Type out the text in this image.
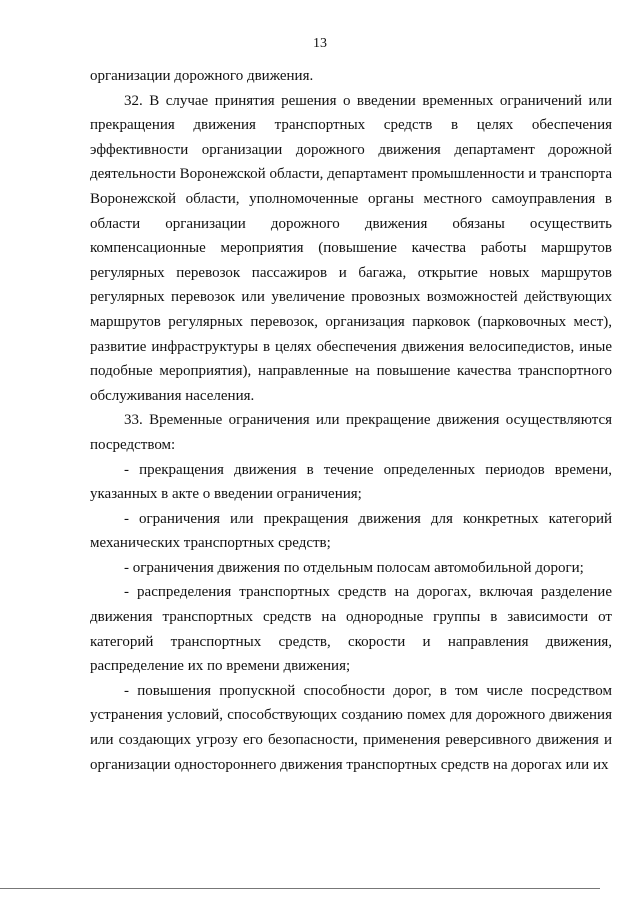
13

организации дорожного движения.

32. В случае принятия решения о введении временных ограничений или прекращения движения транспортных средств в целях обеспечения эффективности организации дорожного движения департамент дорожной деятельности Воронежской области, департамент промышленности и транспорта Воронежской области, уполномоченные органы местного самоуправления в области организации дорожного движения обязаны осуществить компенсационные мероприятия (повышение качества работы маршрутов регулярных перевозок пассажиров и багажа, открытие новых маршрутов регулярных перевозок или увеличение провозных возможностей действующих маршрутов регулярных перевозок, организация парковок (парковочных мест), развитие инфраструктуры в целях обеспечения движения велосипедистов, иные подобные мероприятия), направленные на повышение качества транспортного обслуживания населения.

33. Временные ограничения или прекращение движения осуществляются посредством:

- прекращения движения в течение определенных периодов времени, указанных в акте о введении ограничения;

- ограничения или прекращения движения для конкретных категорий механических транспортных средств;

- ограничения движения по отдельным полосам автомобильной дороги;

- распределения транспортных средств на дорогах, включая разделение движения транспортных средств на однородные группы в зависимости от категорий транспортных средств, скорости и направления движения, распределение их по времени движения;

- повышения пропускной способности дорог, в том числе посредством устранения условий, способствующих созданию помех для дорожного движения или создающих угрозу его безопасности, применения реверсивного движения и организации одностороннего движения транспортных средств на дорогах или их
